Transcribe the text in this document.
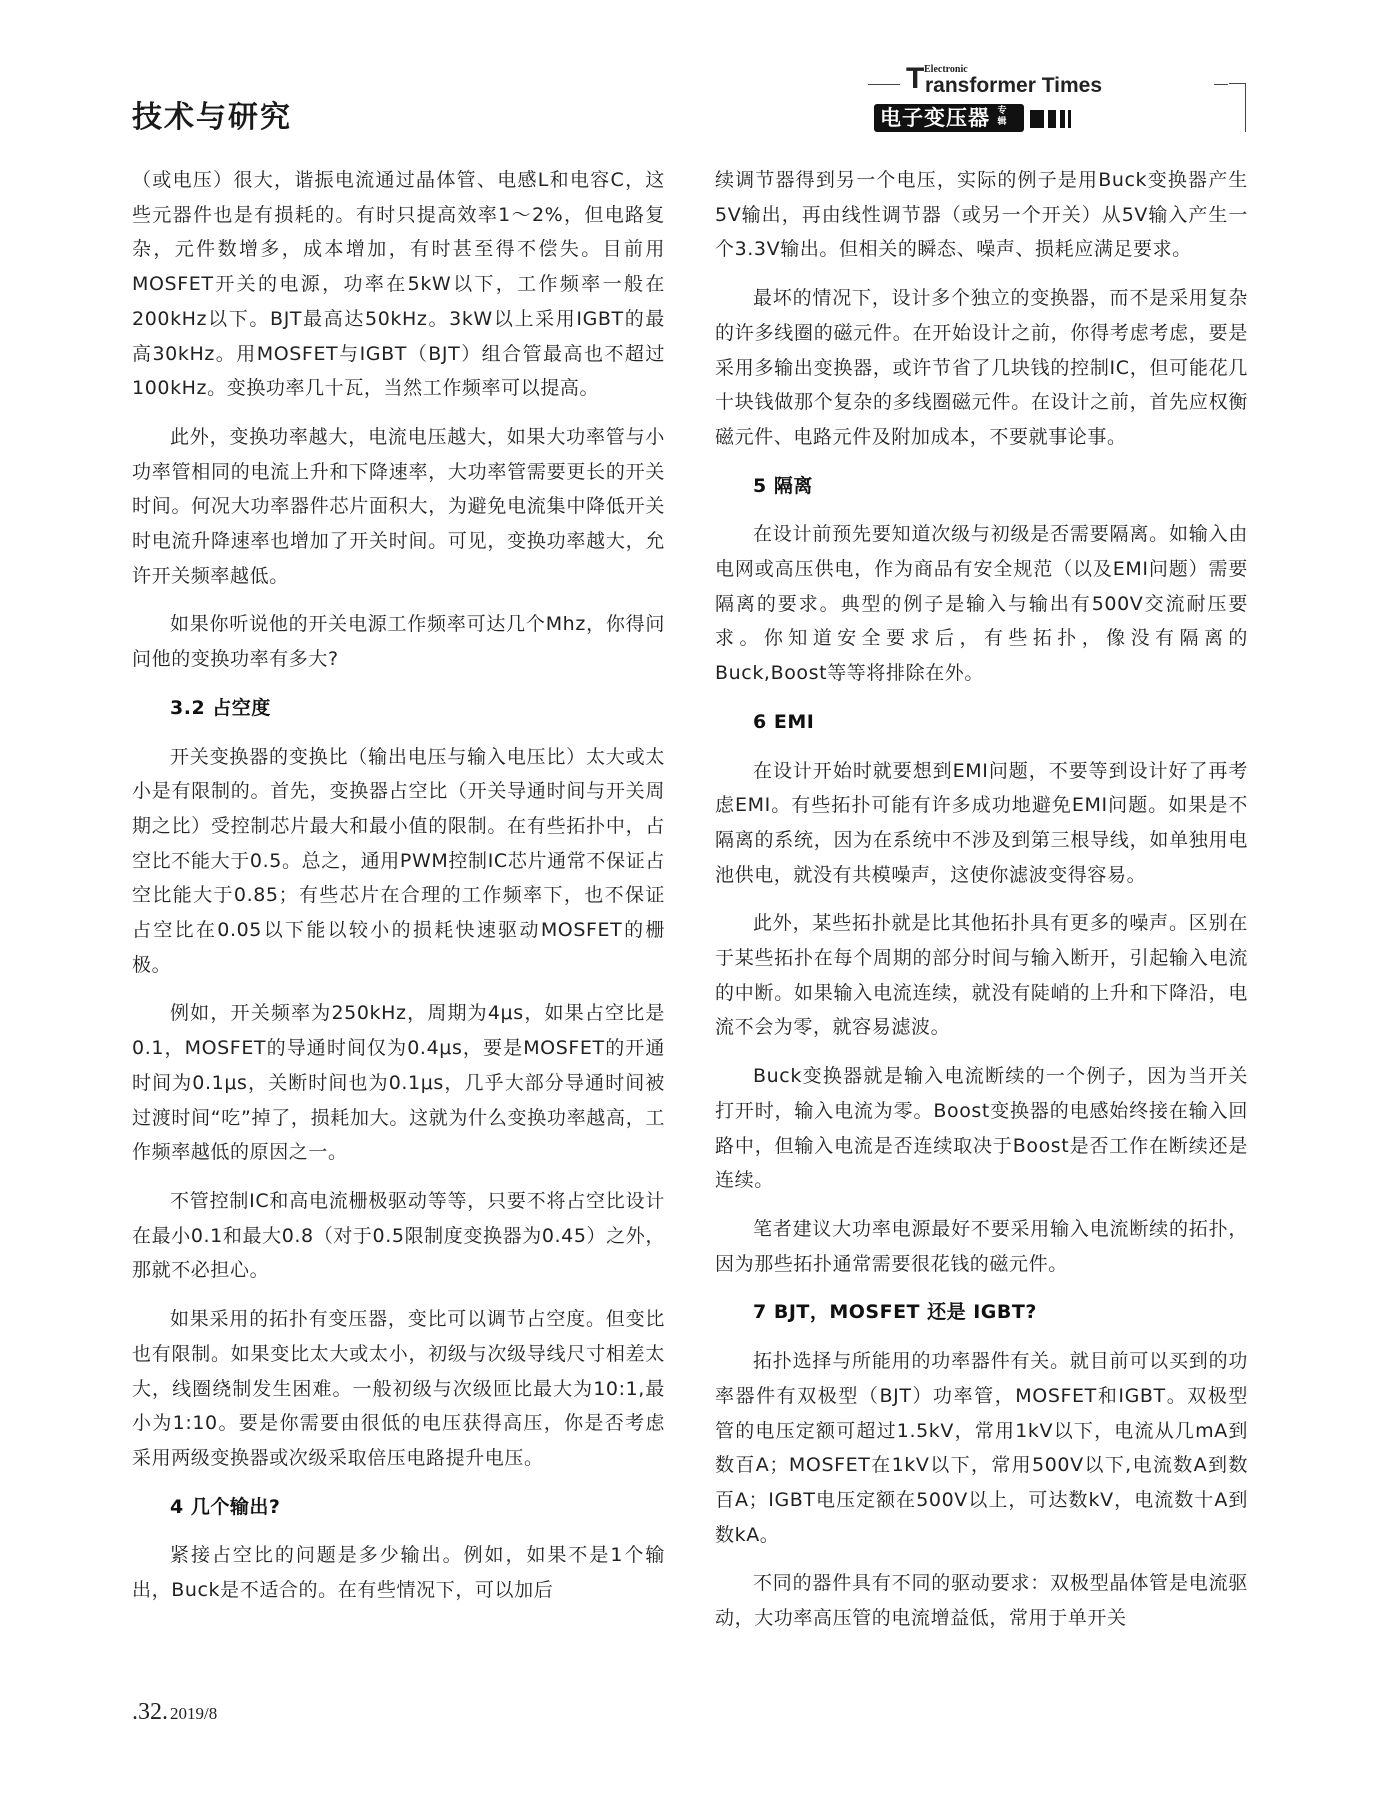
技术与研究
T Electronic
ransformer Times
电子变压器 专辑

（或电压）很大，谐振电流通过晶体管、电感L和电容C，这些元器件也是有损耗的。有时只提高效率1～2%，但电路复杂，元件数增多，成本增加，有时甚至得不偿失。目前用MOSFET开关的电源，功率在5kW以下，工作频率一般在200kHz以下。BJT最高达50kHz。3kW以上采用IGBT的最高30kHz。用MOSFET与IGBT（BJT）组合管最高也不超过100kHz。变换功率几十瓦，当然工作频率可以提高。

此外，变换功率越大，电流电压越大，如果大功率管与小功率管相同的电流上升和下降速率，大功率管需要更长的开关时间。何况大功率器件芯片面积大，为避免电流集中降低开关时电流升降速率也增加了开关时间。可见，变换功率越大，允许开关频率越低。

如果你听说他的开关电源工作频率可达几个Mhz，你得问问他的变换功率有多大?

3.2 占空度

开关变换器的变换比（输出电压与输入电压比）太大或太小是有限制的。首先，变换器占空比（开关导通时间与开关周期之比）受控制芯片最大和最小值的限制。在有些拓扑中，占空比不能大于0.5。总之，通用PWM控制IC芯片通常不保证占空比能大于0.85；有些芯片在合理的工作频率下，也不保证占空比在0.05以下能以较小的损耗快速驱动MOSFET的栅极。

例如，开关频率为250kHz，周期为4μs，如果占空比是0.1，MOSFET的导通时间仅为0.4μs，要是MOSFET的开通时间为0.1μs，关断时间也为0.1μs，几乎大部分导通时间被过渡时间“吃”掉了，损耗加大。这就为什么变换功率越高，工作频率越低的原因之一。

不管控制IC和高电流栅极驱动等等，只要不将占空比设计在最小0.1和最大0.8（对于0.5限制度变换器为0.45）之外，那就不必担心。

如果采用的拓扑有变压器，变比可以调节占空度。但变比也有限制。如果变比太大或太小，初级与次级导线尺寸相差太大，线圈绕制发生困难。一般初级与次级匝比最大为10:1,最小为1:10。要是你需要由很低的电压获得高压，你是否考虑采用两级变换器或次级采取倍压电路提升电压。

4 几个输出?

紧接占空比的问题是多少输出。例如，如果不是1个输出，Buck是不适合的。在有些情况下，可以加后

续调节器得到另一个电压，实际的例子是用Buck变换器产生5V输出，再由线性调节器（或另一个开关）从5V输入产生一个3.3V输出。但相关的瞬态、噪声、损耗应满足要求。

最坏的情况下，设计多个独立的变换器，而不是采用复杂的许多线圈的磁元件。在开始设计之前，你得考虑考虑，要是采用多输出变换器，或许节省了几块钱的控制IC，但可能花几十块钱做那个复杂的多线圈磁元件。在设计之前，首先应权衡磁元件、电路元件及附加成本，不要就事论事。

5 隔离

在设计前预先要知道次级与初级是否需要隔离。如输入由电网或高压供电，作为商品有安全规范（以及EMI问题）需要隔离的要求。典型的例子是输入与输出有500V交流耐压要求。你知道安全要求后，有些拓扑，像没有隔离的Buck,Boost等等将排除在外。

6 EMI

在设计开始时就要想到EMI问题，不要等到设计好了再考虑EMI。有些拓扑可能有许多成功地避免EMI问题。如果是不隔离的系统，因为在系统中不涉及到第三根导线，如单独用电池供电，就没有共模噪声，这使你滤波变得容易。

此外，某些拓扑就是比其他拓扑具有更多的噪声。区别在于某些拓扑在每个周期的部分时间与输入断开，引起输入电流的中断。如果输入电流连续，就没有陡峭的上升和下降沿，电流不会为零，就容易滤波。

Buck变换器就是输入电流断续的一个例子，因为当开关打开时，输入电流为零。Boost变换器的电感始终接在输入回路中，但输入电流是否连续取决于Boost是否工作在断续还是连续。

笔者建议大功率电源最好不要采用输入电流断续的拓扑，因为那些拓扑通常需要很花钱的磁元件。

7 BJT，MOSFET 还是 IGBT?

拓扑选择与所能用的功率器件有关。就目前可以买到的功率器件有双极型（BJT）功率管，MOSFET和IGBT。双极型管的电压定额可超过1.5kV，常用1kV以下，电流从几mA到数百A；MOSFET在1kV以下，常用500V以下,电流数A到数百A；IGBT电压定额在500V以上，可达数kV，电流数十A到数kA。

不同的器件具有不同的驱动要求：双极型晶体管是电流驱动，大功率高压管的电流增益低，常用于单开关

.32. 2019/8
